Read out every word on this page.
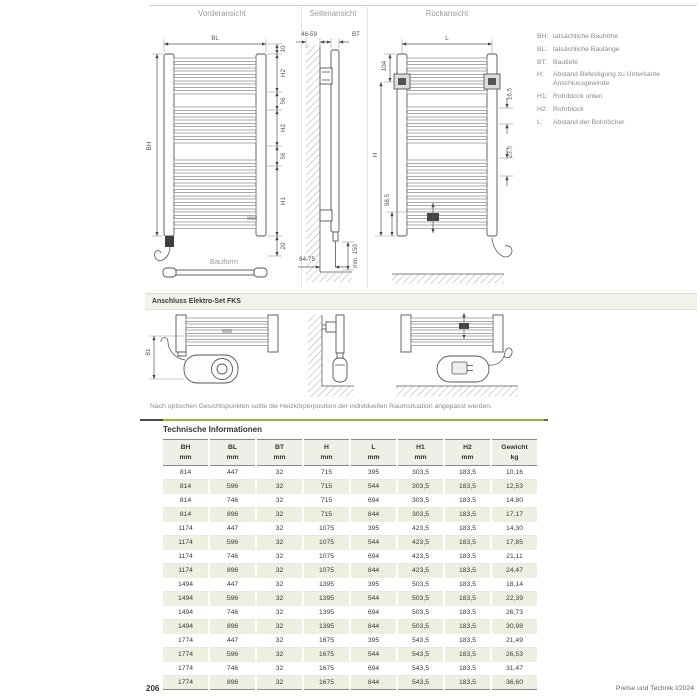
Vorderansicht	Seitenansicht	Rückansicht
BL
BH
10
H2
56
H2
56
H1
20
Bauform
48-59	BT
64-75	min. 150
L
104
H
98,5
16,5
23,5
81
BH: tatsächliche Bauhöhe
BL: tatsächliche Baulänge
BT: Bautiefe
H:	Abstand Befestigung zu Unterkante Anschlussgewinde
H1: Rohrblock unten
H2: Rohrblock
L:	Abstand der Bohrlöcher
Anschluss Elektro-Set FKS
Nach optischen Gesichtspunkten sollte die Heizkörperposition der individuellen Raumsituation angepasst werden.
Technische Informationen
BH
mm

BL
mm

BT
mm

H
mm

L
mm

H1
mm

H2
mm

Gewicht
kg

814	447	32	715	395	303,5	183,5	10,16
814	596	32	715	544	303,5	183,5	12,53
814	746	32	715	694	303,5	183,5	14,80
814	896	32	715	844	303,5	183,5	17,17
1174	447	32	1075	395	423,5	183,5	14,30
1174	596	32	1075	544	423,5	183,5	17,85
1174	746	32	1075	694	423,5	183,5	21,11
1174	896	32	1075	844	423,5	183,5	24,47
1494	447	32	1395	395	503,5	183,5	18,14
1494	596	32	1395	544	503,5	183,5	22,39
1494	746	32	1395	694	503,5	183,5	26,73
1494	896	32	1395	844	503,5	183,5	30,98
1774	447	32	1675	395	543,5	183,5	21,49
1774	596	32	1675	544	543,5	183,5	26,53
1774	746	32	1675	694	543,5	183,5	31,47
1774	896	32	1675	844	543,5	183,5	36,60
206	Preise und Technik I/2024
